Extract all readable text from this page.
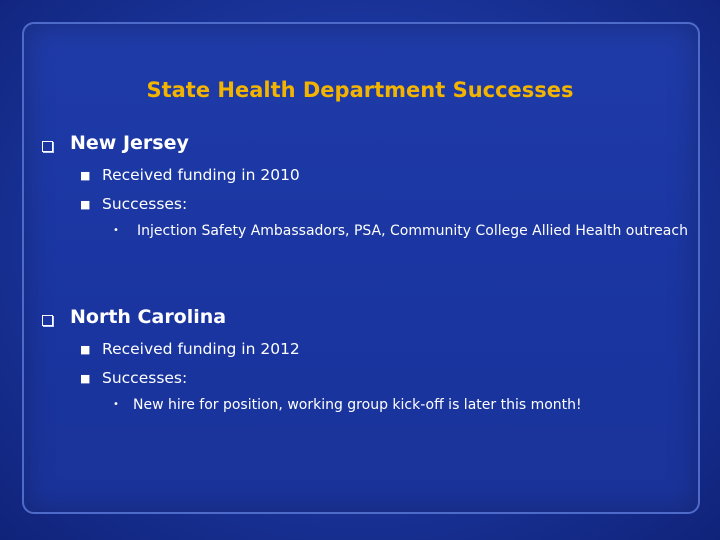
State Health Department Successes
New Jersey
■ Received funding in 2010
■ Successes:
• Injection Safety Ambassadors, PSA, Community College Allied Health outreach
North Carolina
■ Received funding in 2012
■ Successes:
• New hire for position, working group kick-off is later this month!
